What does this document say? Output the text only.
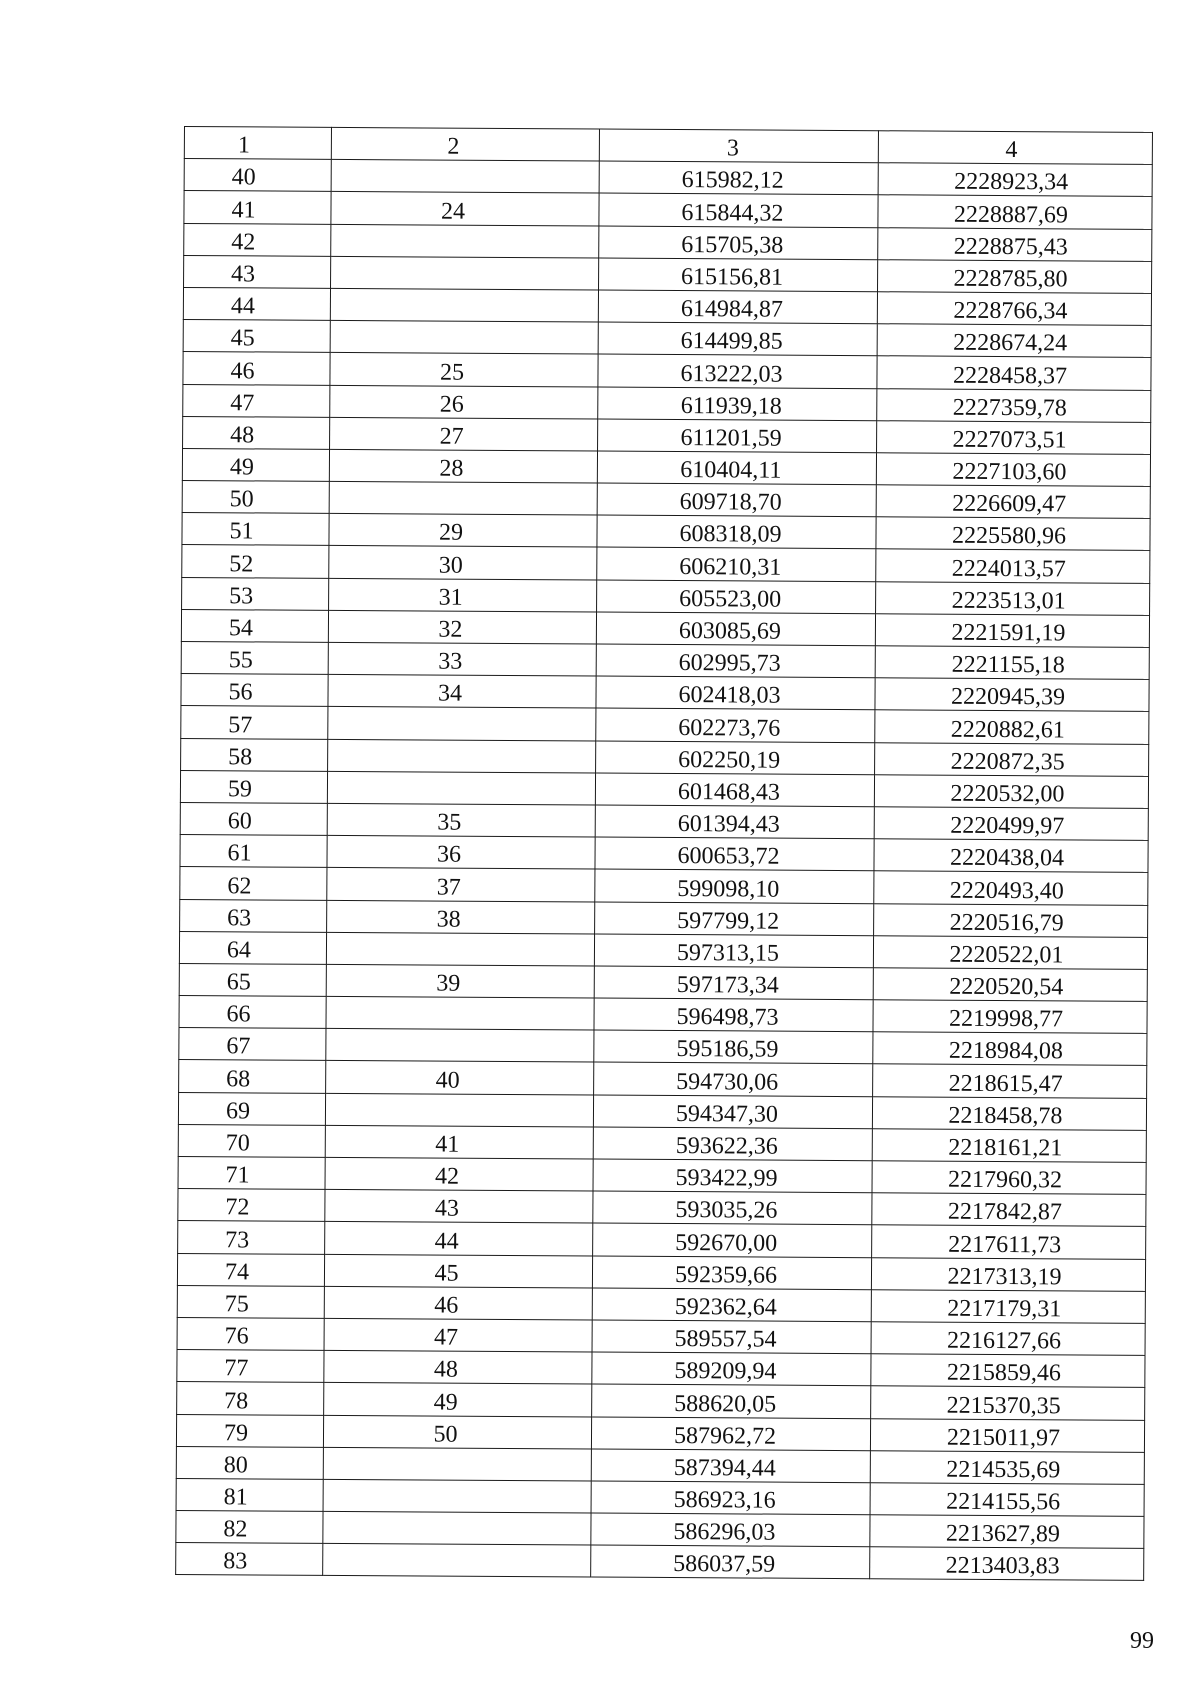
1	2	3	4
40		615982,12	2228923,34
41	24	615844,32	2228887,69
42		615705,38	2228875,43
43		615156,81	2228785,80
44		614984,87	2228766,34
45		614499,85	2228674,24
46	25	613222,03	2228458,37
47	26	611939,18	2227359,78
48	27	611201,59	2227073,51
49	28	610404,11	2227103,60
50		609718,70	2226609,47
51	29	608318,09	2225580,96
52	30	606210,31	2224013,57
53	31	605523,00	2223513,01
54	32	603085,69	2221591,19
55	33	602995,73	2221155,18
56	34	602418,03	2220945,39
57		602273,76	2220882,61
58		602250,19	2220872,35
59		601468,43	2220532,00
60	35	601394,43	2220499,97
61	36	600653,72	2220438,04
62	37	599098,10	2220493,40
63	38	597799,12	2220516,79
64		597313,15	2220522,01
65	39	597173,34	2220520,54
66		596498,73	2219998,77
67		595186,59	2218984,08
68	40	594730,06	2218615,47
69		594347,30	2218458,78
70	41	593622,36	2218161,21
71	42	593422,99	2217960,32
72	43	593035,26	2217842,87
73	44	592670,00	2217611,73
74	45	592359,66	2217313,19
75	46	592362,64	2217179,31
76	47	589557,54	2216127,66
77	48	589209,94	2215859,46
78	49	588620,05	2215370,35
79	50	587962,72	2215011,97
80		587394,44	2214535,69
81		586923,16	2214155,56
82		586296,03	2213627,89
83		586037,59	2213403,83
99
